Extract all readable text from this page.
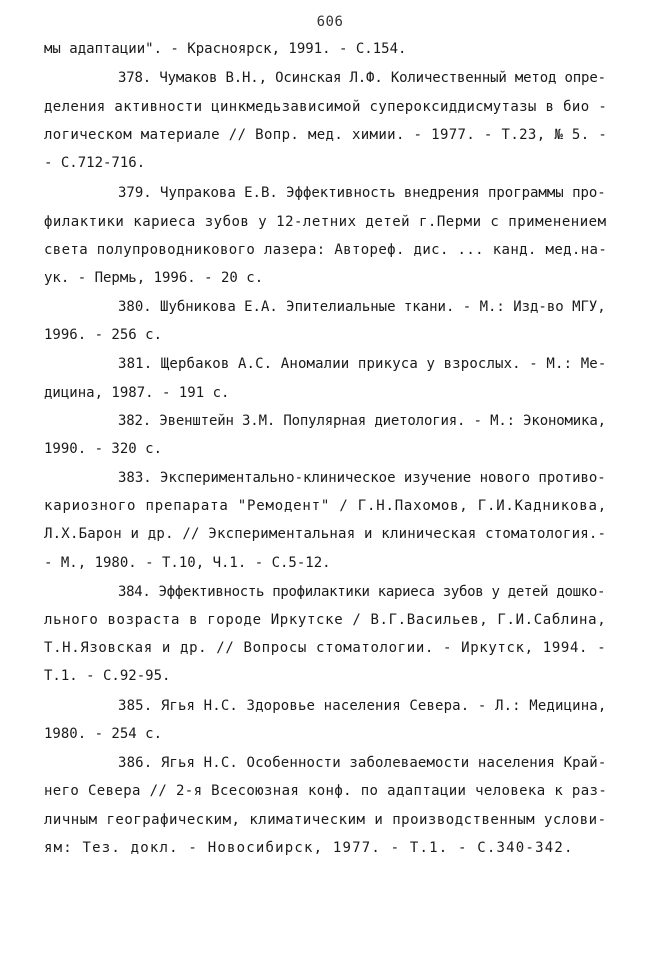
606
мы адаптации". - Красноярск, 1991. - С.154.
378. Чумаков В.Н., Осинская Л.Ф. Количественный метод опре-
деления активности цинкмедьзависимой супероксиддисмутазы в био -
логическом материале // Вопр. мед. химии. - 1977. - Т.23, № 5. -
- С.712-716.
379. Чупракова Е.В. Эффективность внедрения программы про-
филактики кариеса зубов у 12-летних детей г.Перми с применением
света полупроводникового лазера: Автореф. дис. ... канд. мед.на-
ук. - Пермь, 1996. - 20 с.
380. Шубникова Е.А. Эпителиальные ткани. - М.: Изд-во МГУ,
1996. - 256 с.
381. Щербаков А.С. Аномалии прикуса у взрослых. - М.: Ме-
дицина, 1987. - 191 с.
382. Эвенштейн З.М. Популярная диетология. - М.: Экономика,
1990. - 320 с.
383. Экспериментально-клиническое изучение нового противо-
кариозного препарата "Ремодент" / Г.Н.Пахомов, Г.И.Кадникова,
Л.Х.Барон и др. // Экспериментальная и клиническая стоматология.-
- М., 1980. - Т.10, Ч.1. - С.5-12.
384. Эффективность профилактики кариеса зубов у детей дошко-
льного возраста в городе Иркутске / В.Г.Васильев, Г.И.Саблина,
Т.Н.Язовская и др. // Вопросы стоматологии. - Иркутск, 1994. -
Т.1. - С.92-95.
385. Ягья Н.С. Здоровье населения Севера. - Л.: Медицина,
1980. - 254 с.
386. Ягья Н.С. Особенности заболеваемости населения Край-
него Севера // 2-я Всесоюзная конф. по адаптации человека к раз-
личным географическим, климатическим и производственным услови-
ям: Тез. докл. - Новосибирск, 1977. - Т.1. - С.340-342.
